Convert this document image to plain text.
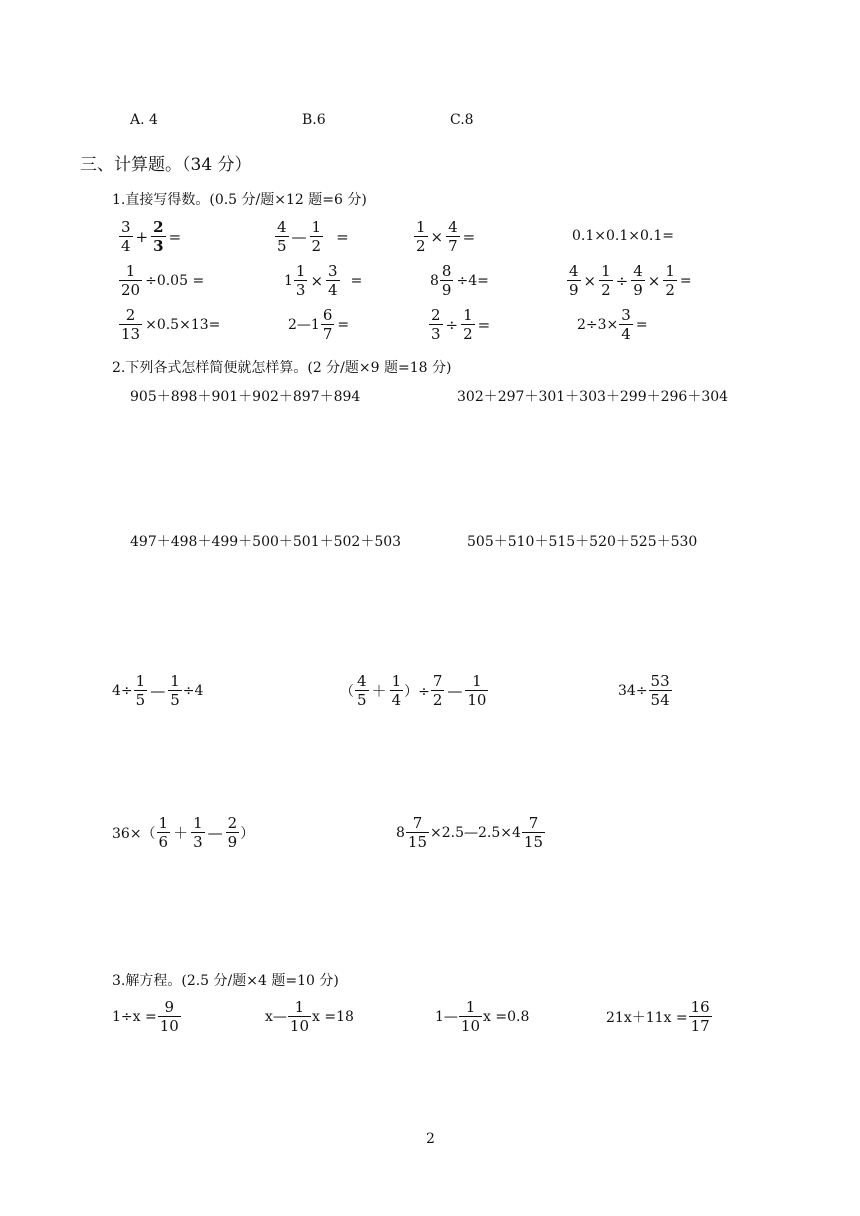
A. 4	B.6	C.8
三、计算题。（34 分）
1.直接写得数。(0.5 分/题×12 题=6 分)
$\frac{3}{4} + \frac{2}{3}$ =	$\frac{4}{5}$ — $\frac{1}{2}$ =	$\frac{1}{2} \times \frac{4}{7}$ =	0.1×0.1×0.1=
$\frac{1}{20} \div 0.05$ =	$1 \frac{1}{3} \times \frac{3}{4}$ =	$8 \frac{8}{9} \div 4=$	$\frac{4}{9} \times \frac{1}{2} \div \frac{4}{9} \times \frac{1}{2}$ =
$\frac{2}{13} \times 0.5\times 13=$	2—1 $\frac{6}{7}$ =	$\frac{2}{3} \div \frac{1}{2}$ =	$2\div 3\times \frac{3}{4}$ =
2.下列各式怎样简便就怎样算。(2 分/题×9 题=18 分)
905＋898＋901＋902＋897＋894	302＋297＋301＋303＋299＋296＋304
497＋498＋499＋500＋501＋502＋503	505＋510＋515＋520＋525＋530
$4\div \frac{1}{5}$ — $\frac{1}{5} \div 4$	（ $\frac{4}{5} + \frac{1}{4}$ ）÷ $\frac{7}{2}$ — $\frac{1}{10}$	$34\div \frac{53}{54}$
$36\times( \frac{1}{6} + \frac{1}{3}$ — $\frac{2}{9}$ ）	$8 \frac{7}{15}$ ×2.5—2.5×4 $\frac{7}{15}$
3.解方程。(2.5 分/题×4 题=10 分)
$1\div x = \frac{9}{10}$	x— $\frac{1}{10}$ x =18	1— $\frac{1}{10}$ x =0.8	$21x+11x = \frac{16}{17}$
2
